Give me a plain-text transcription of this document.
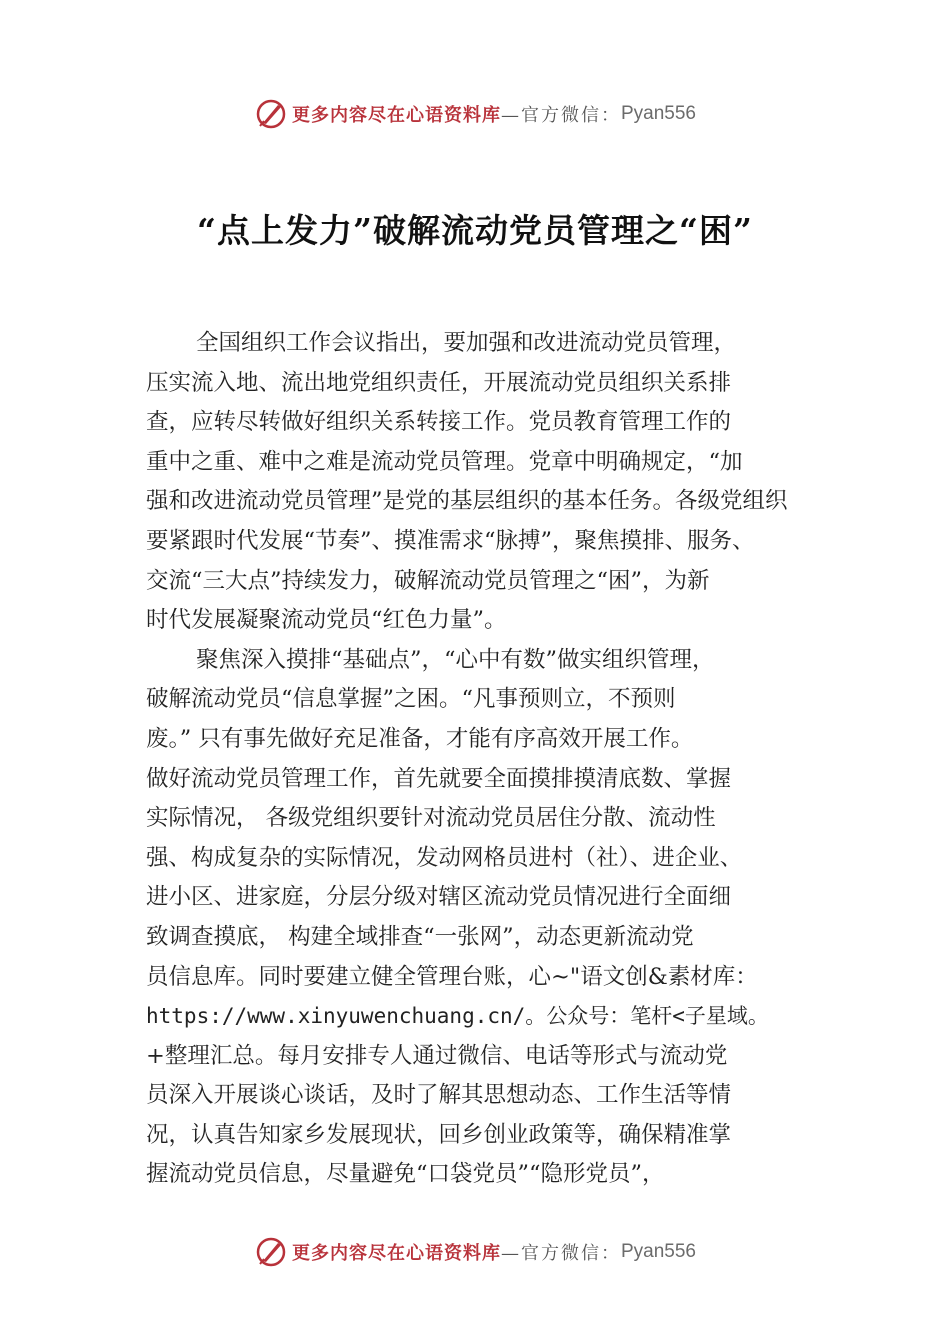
更多内容尽在心语资料库 —官方微信： Pyan556
“点上发力”破解流动党员管理之“困”
全国组织工作会议指出，要加强和改进流动党员管理，
压实流入地、流出地党组织责任，开展流动党员组织关系排
查，应转尽转做好组织关系转接工作。党员教育管理工作的
重中之重、难中之难是流动党员管理。党章中明确规定，“加
强和改进流动党员管理”是党的基层组织的基本任务。各级党组织
要紧跟时代发展“节奏”、摸准需求“脉搏”，聚焦摸排、服务、
交流“三大点”持续发力，破解流动党员管理之“困”，为新
时代发展凝聚流动党员“红色力量”。
聚焦深入摸排“基础点”，“心中有数”做实组织管理，
破解流动党员“信息掌握”之困。“凡事预则立，不预则
废。” 只有事先做好充足准备，才能有序高效开展工作。
做好流动党员管理工作，首先就要全面摸排摸清底数、掌握
实际情况， 各级党组织要针对流动党员居住分散、流动性
强、构成复杂的实际情况，发动网格员进村（社）、进企业、
进小区、进家庭，分层分级对辖区流动党员情况进行全面细
致调查摸底， 构建全域排查“一张网”，动态更新流动党
员信息库。同时要建立健全管理台账，心~"语文创&素材库：
https://www.xinyuwenchuang.cn/。公众号：笔杆<子星域。
+整理汇总。每月安排专人通过微信、电话等形式与流动党
员深入开展谈心谈话，及时了解其思想动态、工作生活等情
况，认真告知家乡发展现状，回乡创业政策等，确保精准掌
握流动党员信息，尽量避免“口袋党员”“隐形党员”，
更多内容尽在心语资料库 —官方微信： Pyan556
